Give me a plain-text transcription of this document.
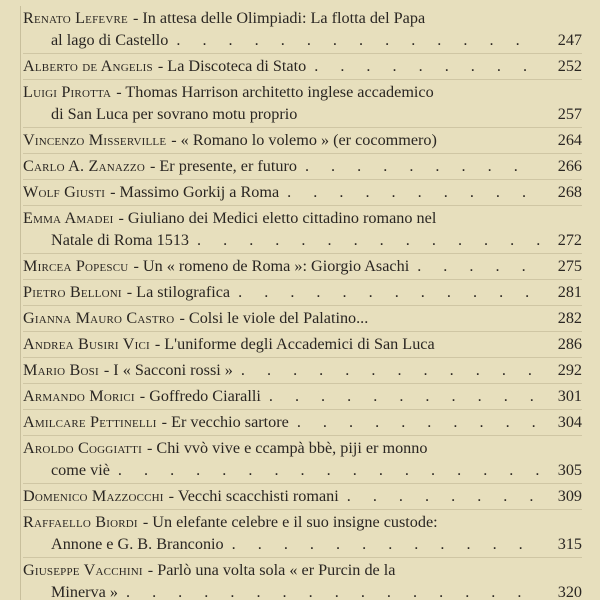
Renato Lefevre - In attesa delle Olimpiadi: La flotta del Papa
al lago di Castello . . .	247
Alberto de Angelis - La Discoteca di Stato . . .	252
Luigi Pirotta - Thomas Harrison architetto inglese accademico
di San Luca per sovrano motu proprio	257
Vincenzo Misserville - « Romano lo volemo » (er cocommero)	264
Carlo A. Zanazzo - Er presente, er futuro . . .	266
Wolf Giusti - Massimo Gorkij a Roma . . .	268
Emma Amadei - Giuliano dei Medici eletto cittadino romano nel
Natale di Roma 1513 . . .	272
Mircea Popescu - Un « romeno de Roma »: Giorgio Asachi . . .	275
Pietro Belloni - La stilografica . . .	281
Gianna Mauro Castro - Colsi le viole del Palatino...	282
Andrea Busiri Vici - L'uniforme degli Accademici di San Luca	286
Mario Bosi - I « Sacconi rossi » . . .	292
Armando Morici - Goffredo Ciaralli . . .	301
Amilcare Pettinelli - Er vecchio sartore . . .	304
Aroldo Coggiatti - Chi vvò vive e ccampà bbè, piji er monno
come viè . . .	305
Domenico Mazzocchi - Vecchi scacchisti romani . . .	309
Raffaello Biordi - Un elefante celebre e il suo insigne custode:
Annone e G. B. Branconio . . .	315
Giuseppe Vacchini - Parlò una volta sola « er Purcin de la
Minerva » . . .	320
